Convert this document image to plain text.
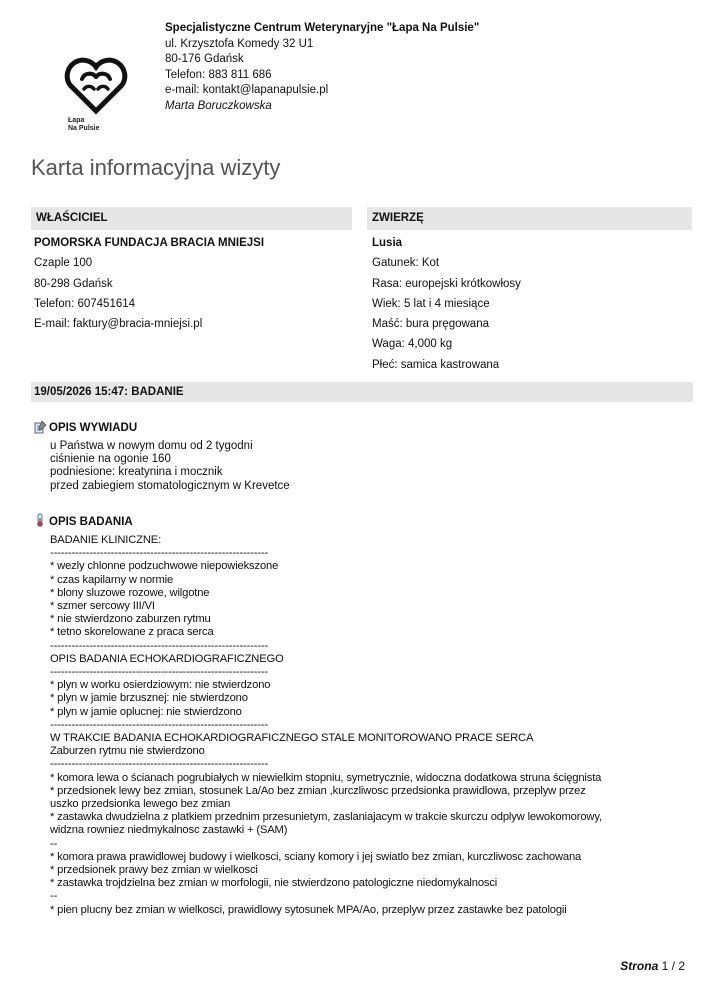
Łapa
Na Pulsie
Specjalistyczne Centrum Weterynaryjne "Łapa Na Pulsie"
ul. Krzysztofa Komedy 32 U1
80-176 Gdańsk
Telefon: 883 811 686
e-mail: kontakt@lapanapulsie.pl
Marta Boruczkowska
Karta informacyjna wizyty
WŁAŚCICIEL
POMORSKA FUNDACJA BRACIA MNIEJSI
Czaple 100
80-298 Gdańsk
Telefon: 607451614
E-mail: faktury@bracia-mniejsi.pl
ZWIERZĘ
Lusia
Gatunek: Kot
Rasa: europejski krótkowłosy
Wiek: 5 lat i 4 miesiące
Maść: bura pręgowana
Waga: 4,000 kg
Płeć: samica kastrowana
19/05/2026 15:47: BADANIE
OPIS WYWIADU
u Państwa w nowym domu od 2 tygodni
ciśnienie na ogonie 160
podniesione: kreatynina i mocznik
przed zabiegiem stomatologicznym w Krevetce
OPIS BADANIA
BADANIE KLINICZNE:
-------------------------------------------------------------
* wezly chlonne podzuchwowe niepowiekszone
* czas kapilarny w normie
* blony sluzowe rozowe, wilgotne
* szmer sercowy III/VI
* nie stwierdzono zaburzen rytmu
* tetno skorelowane z praca serca
-------------------------------------------------------------
OPIS BADANIA ECHOKARDIOGRAFICZNEGO
-------------------------------------------------------------
* plyn w worku osierdziowym: nie stwierdzono
* plyn w jamie brzusznej: nie stwierdzono
* plyn w jamie oplucnej: nie stwierdzono
-------------------------------------------------------------
W TRAKCIE BADANIA ECHOKARDIOGRAFICZNEGO STALE MONITOROWANO PRACE SERCA
Zaburzen rytmu nie stwierdzono
-------------------------------------------------------------
* komora lewa o ścianach pogrubiałych w niewielkim stopniu, symetrycznie, widoczna dodatkowa struna ścięgnista
* przedsionek lewy bez zmian, stosunek La/Ao bez zmian ,kurczliwosc przedsionka prawidlowa, przeplyw przez
uszko przedsionka lewego bez zmian
* zastawka dwudzielna z platkiem przednim przesunietym, zaslaniajacym w trakcie skurczu odplyw lewokomorowy,
widzna rowniez niedmykalnosc zastawki + (SAM)
--
* komora prawa prawidlowej budowy i wielkosci, sciany komory i jej swiatlo bez zmian, kurczliwosc zachowana
* przedsionek prawy bez zmian w wielkosci
* zastawka trojdzielna bez zmian w morfologii, nie stwierdzono patologiczne niedomykalnosci
--
* pien plucny bez zmian w wielkosci, prawidlowy sytosunek MPA/Ao, przeplyw przez zastawke bez patologii
Strona 1 / 2
